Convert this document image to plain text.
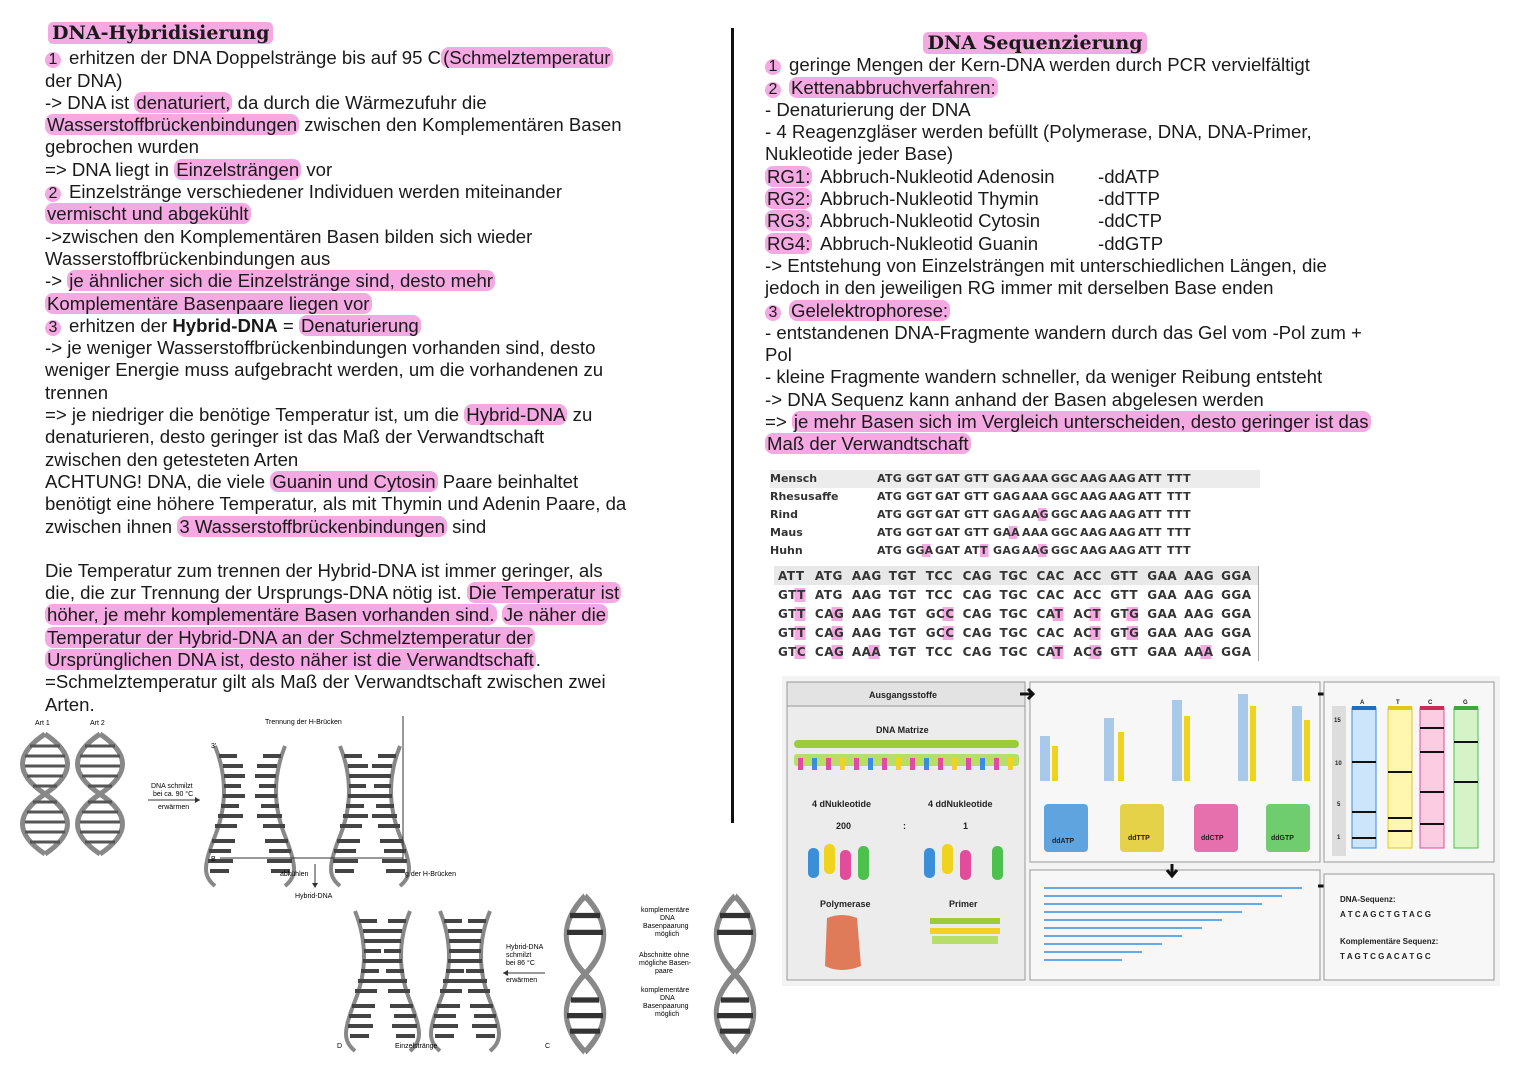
DNA-Hybridisierung

1 erhitzen der DNA Doppelstränge bis auf 95 C (Schmelztemperatur

der DNA)

-> DNA ist denaturiert, da durch die Wärmezufuhr die

Wasserstoffbrückenbindungen zwischen den Komplementären Basen

gebrochen wurden

=> DNA liegt in Einzelsträngen vor

2 Einzelstränge verschiedener Individuen werden miteinander

vermischt und abgekühlt

->zwischen den Komplementären Basen bilden sich wieder

Wasserstoffbrückenbindungen aus

-> je ähnlicher sich die Einzelstränge sind, desto mehr

Komplementäre Basenpaare liegen vor

3 erhitzen der Hybrid-DNA = Denaturierung

-> je weniger Wasserstoffbrückenbindungen vorhanden sind, desto

weniger Energie muss aufgebracht werden, um die vorhandenen zu

trennen

=> je niedriger die benötige Temperatur ist, um die Hybrid-DNA zu

denaturieren, desto geringer ist das Maß der Verwandtschaft

zwischen den getesteten Arten

ACHTUNG! DNA, die viele Guanin und Cytosin Paare beinhaltet

benötigt eine höhere Temperatur, als mit Thymin und Adenin Paare, da

zwischen ihnen 3 Wasserstoffbrückenbindungen sind

Die Temperatur zum trennen der Hybrid-DNA ist immer geringer, als

die, die zur Trennung der Ursprungs-DNA nötig ist. Die Temperatur ist

höher, je mehr komplementäre Basen vorhanden sind. Je näher die

Temperatur der Hybrid-DNA an der Schmelztemperatur der

Ursprünglichen DNA ist, desto näher ist die Verwandtschaft .

=Schmelztemperatur gilt als Maß der Verwandtschaft zwischen zwei

Arten.

DNA Sequenzierung

1 geringe Mengen der Kern-DNA werden durch PCR vervielfältigt

2 Kettenabbruchverfahren:

- Denaturierung der DNA

- 4 Reagenzgläser werden befüllt (Polymerase, DNA, DNA-Primer,

Nukleotide jeder Base)

RG1: Abbruch-Nukleotid Adenosin	-ddATP
RG2: Abbruch-Nukleotid Thymin	-ddTTP
RG3: Abbruch-Nukleotid Cytosin	-ddCTP
RG4: Abbruch-Nukleotid Guanin	-ddGTP

-> Entstehung von Einzelsträngen mit unterschiedlichen Längen, die

jedoch in den jeweiligen RG immer mit derselben Base enden

3 Gelelektrophorese:

- entstandenen DNA-Fragmente wandern durch das Gel vom -Pol zum +

Pol

- kleine Fragmente wandern schneller, da weniger Reibung entsteht

-> DNA Sequenz kann anhand der Basen abgelesen werden

=> je mehr Basen sich im Vergleich unterscheiden, desto geringer ist das

Maß der Verwandtschaft

Mensch	ATG GGT GAT GTT GAG AAA GGC AAG AAG ATT TTT
Rhesusaffe	ATG GGT GAT GTT GAG AAA GGC AAG AAG ATT TTT
Rind	ATG GGT GAT GTT GAG AAG GGC AAG AAG ATT TTT
Maus	ATG GGT GAT GTT GAA AAA GGC AAG AAG ATT TTT
Huhn	ATG GGA GAT ATT GAG AAG GGC AAG AAG ATT TTT
ATT ATG AAG TGT TCC CAG TGC CAC ACC GTT GAA AAG GGA
GTT ATG AAG TGT TCC CAG TGC CAC ACC GTT GAA AAG GGA
GTT CAG AAG TGT GCC CAG TGC CAT ACT GTG GAA AAG GGA
GTT CAG AAG TGT GCC CAG TGC CAC ACT GTG GAA AAG GGA
GTC CAG AAA TGT TCC CAG TGC CAT ACG GTT GAA AAA GGA
Art 1	Art 2
DNA schmilzt
bei ca. 90 °C
erwärmen
Trennung der H-Brücken
3'
B
abkühlen
Hybrid-DNA
g der H-Brücken
D	Einzelstränge
Hybrid-DNA
schmilzt
bei 86 °C
erwärmen
komplementäre
DNA
Basenpaarung
möglich
Abschnitte ohne
mögliche Basen-
paare
komplementäre
DNA
Basenpaarung
möglich
C
Ausgangsstoffe
DNA Matrize
4 dNukleotide	4 ddNukleotide
200	:	1
Polymerase	Primer
ddATP	ddTTP	ddCTP	ddGTP
15
10
5
1
A	T	C	G
DNA-Sequenz:
A T C A G C T G T A C G
Komplementäre Sequenz:
T A G T C G A C A T G C
